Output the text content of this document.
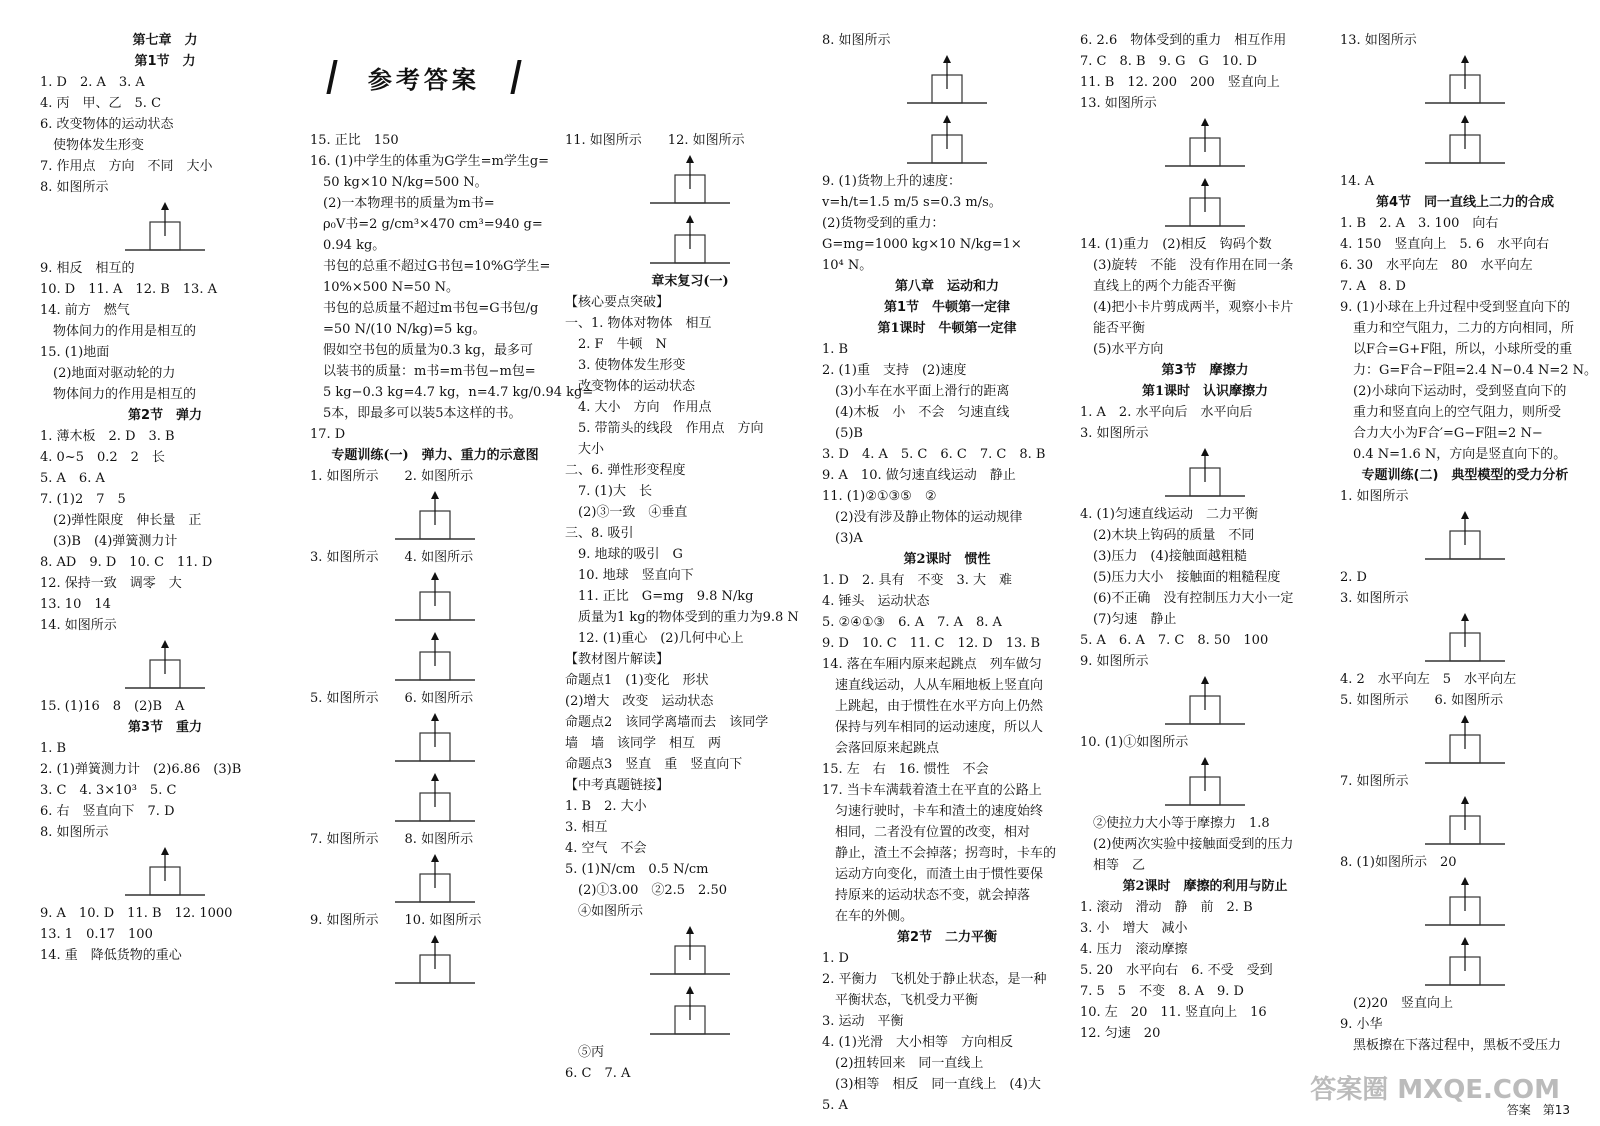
参考答案
第七章　力
第1节　力
1. D　2. A　3. A
4. 丙　甲、乙　5. C
6. 改变物体的运动状态
　使物体发生形变
7. 作用点　方向　不同　大小
8. 如图所示
9. 相反　相互的
10. D　11. A　12. B　13. A
14. 前方　燃气
　物体间力的作用是相互的
15. (1)地面
　(2)地面对驱动轮的力
　物体间力的作用是相互的
第2节　弹力
1. 薄木板　2. D　3. B
4. 0~5　0.2　2　长
5. A　6. A
7. (1)2　7　5
　(2)弹性限度　伸长量　正
　(3)B　(4)弹簧测力计
8. AD　9. D　10. C　11. D
12. 保持一致　调零　大
13. 10　14
14. 如图所示
15. (1)16　8　(2)B　A
第3节　重力
1. B
2. (1)弹簧测力计　(2)6.86　(3)B
3. C　4. 3×10³　5. C
6. 右　竖直向下　7. D
8. 如图所示
9. A　10. D　11. B　12. 1000
13. 1　0.17　100
14. 重　降低货物的重心
15. 正比　150
16. (1)中学生的体重为G学生=m学生g=
　50 kg×10 N/kg=500 N。
　(2)一本物理书的质量为m书=
　ρ₀V书=2 g/cm³×470 cm³=940 g=
　0.94 kg。
　书包的总重不超过G书包=10%G学生=
　10%×500 N=50 N。
　书包的总质量不超过m书包=G书包/g
　=50 N/(10 N/kg)=5 kg。
　假如空书包的质量为0.3 kg，最多可
　以装书的质量：m书=m书包−m包=
　5 kg−0.3 kg=4.7 kg，n=4.7 kg/0.94 kg=
　5本，即最多可以装5本这样的书。
17. D
专题训练(一)　弹力、重力的示意图
1. 如图所示　　2. 如图所示
3. 如图所示　　4. 如图所示
5. 如图所示　　6. 如图所示
7. 如图所示　　8. 如图所示
9. 如图所示　　10. 如图所示
11. 如图所示　　12. 如图所示
章末复习(一)
【核心要点突破】
一、1. 物体对物体　相互
　2. F　牛顿　N
　3. 使物体发生形变
　改变物体的运动状态
　4. 大小　方向　作用点
　5. 带箭头的线段　作用点　方向
　大小
二、6. 弹性形变程度
　7. (1)大　长
　(2)③一致　④垂直
三、8. 吸引
　9. 地球的吸引　G
　10. 地球　竖直向下
　11. 正比　G=mg　9.8 N/kg
　质量为1 kg的物体受到的重力为9.8 N
　12. (1)重心　(2)几何中心上
【教材图片解读】
命题点1　(1)变化　形状
(2)增大　改变　运动状态
命题点2　该同学离墙而去　该同学
墙　墙　该同学　相互　两
命题点3　竖直　重　竖直向下
【中考真题链接】
1. B　2. 大小
3. 相互
4. 空气　不会
5. (1)N/cm　0.5 N/cm
　(2)①3.00　②2.5　2.50
　④如图所示
　⑤丙
6. C　7. A
8. 如图所示
9. (1)货物上升的速度：
v=h/t=1.5 m/5 s=0.3 m/s。
(2)货物受到的重力：
G=mg=1000 kg×10 N/kg=1×
10⁴ N。
第八章　运动和力
第1节　牛顿第一定律
第1课时　牛顿第一定律
1. B
2. (1)重　支持　(2)速度
　(3)小车在水平面上滑行的距离
　(4)木板　小　不会　匀速直线
　(5)B
3. D　4. A　5. C　6. C　7. C　8. B
9. A　10. 做匀速直线运动　静止
11. (1)②①③⑤　②
　(2)没有涉及静止物体的运动规律
　(3)A
第2课时　惯性
1. D　2. 具有　不变　3. 大　难
4. 锤头　运动状态
5. ②④①③　6. A　7. A　8. A
9. D　10. C　11. C　12. D　13. B
14. 落在车厢内原来起跳点　列车做匀
　速直线运动，人从车厢地板上竖直向
　上跳起，由于惯性在水平方向上仍然
　保持与列车相同的运动速度，所以人
　会落回原来起跳点
15. 左　右　16. 惯性　不会
17. 当卡车满载着渣土在平直的公路上
　匀速行驶时，卡车和渣土的速度始终
　相同，二者没有位置的改变，相对
　静止，渣土不会掉落；拐弯时，卡车的
　运动方向变化，而渣土由于惯性要保
　持原来的运动状态不变，就会掉落
　在车的外侧。
第2节　二力平衡
1. D
2. 平衡力　飞机处于静止状态，是一种
　平衡状态，飞机受力平衡
3. 运动　平衡
4. (1)光滑　大小相等　方向相反
　(2)扭转回来　同一直线上
　(3)相等　相反　同一直线上　(4)大
5. A
6. 2.6　物体受到的重力　相互作用
7. C　8. B　9. G　G　10. D
11. B　12. 200　200　竖直向上
13. 如图所示
14. (1)重力　(2)相反　钩码个数
　(3)旋转　不能　没有作用在同一条
　直线上的两个力能否平衡
　(4)把小卡片剪成两半，观察小卡片
　能否平衡
　(5)水平方向
第3节　摩擦力
第1课时　认识摩擦力
1. A　2. 水平向后　水平向后
3. 如图所示
4. (1)匀速直线运动　二力平衡
　(2)木块上钩码的质量　不同
　(3)压力　(4)接触面越粗糙
　(5)压力大小　接触面的粗糙程度
　(6)不正确　没有控制压力大小一定
　(7)匀速　静止
5. A　6. A　7. C　8. 50　100
9. 如图所示
10. (1)①如图所示
　②使拉力大小等于摩擦力　1.8
　(2)使两次实验中接触面受到的压力
　相等　乙
第2课时　摩擦的利用与防止
1. 滚动　滑动　静　前　2. B
3. 小　增大　减小
4. 压力　滚动摩擦
5. 20　水平向右　6. 不受　受到
7. 5　5　不变　8. A　9. D
10. 左　20　11. 竖直向上　16
12. 匀速　20
13. 如图所示
14. A
第4节　同一直线上二力的合成
1. B　2. A　3. 100　向右
4. 150　竖直向上　5. 6　水平向右
6. 30　水平向左　80　水平向左
7. A　8. D
9. (1)小球在上升过程中受到竖直向下的
　重力和空气阻力，二力的方向相同，所
　以F合=G+F阻，所以，小球所受的重
　力：G=F合−F阻=2.4 N−0.4 N=2 N。
　(2)小球向下运动时，受到竖直向下的
　重力和竖直向上的空气阻力，则所受
　合力大小为F合′=G−F阻=2 N−
　0.4 N=1.6 N，方向是竖直向下的。
专题训练(二)　典型模型的受力分析
1. 如图所示
2. D
3. 如图所示
4. 2　水平向左　5　水平向左
5. 如图所示　　6. 如图所示
7. 如图所示
8. (1)如图所示　20
　(2)20　竖直向上
9. 小华
　黑板擦在下落过程中，黑板不受压力
答案圈 MXQE.COM
答案　第13
